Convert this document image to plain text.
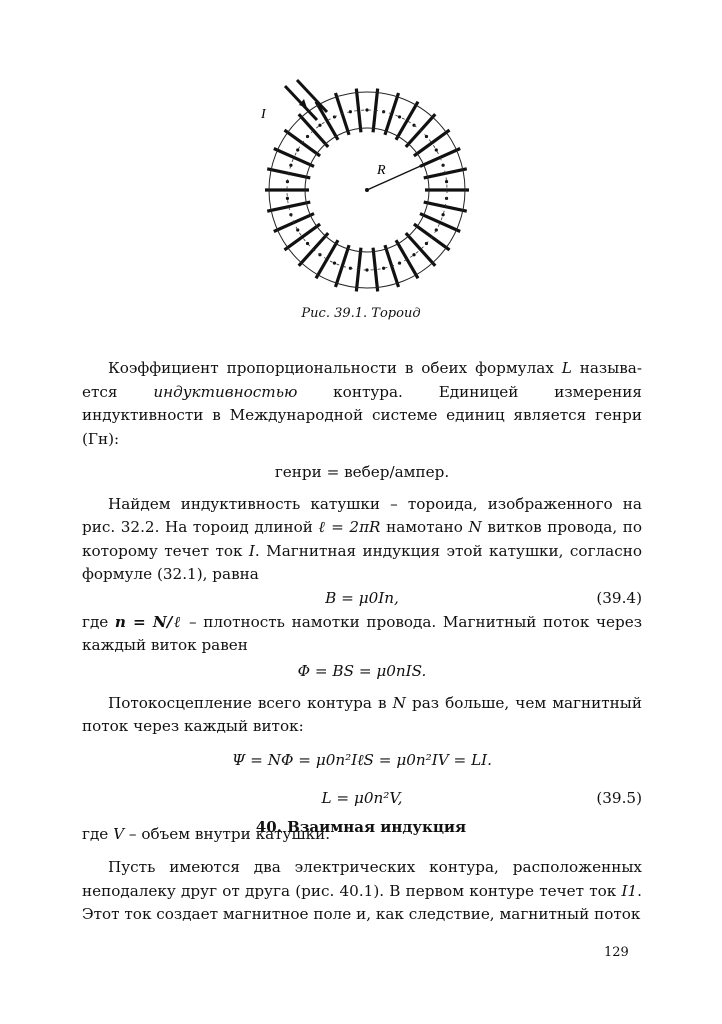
I
R
Рис. 39.1. Тороид

Коэффициент пропорциональности в обеих формулах L называ-ется индуктивностью контура. Единицей измерения индуктивности в Международной системе единиц является генри (Гн):

генри = вебер/ампер.

Найдем индуктивность катушки – тороида, изображенного на рис. 32.2. На тороид длиной ℓ = 2πR намотано N витков провода, по которому течет ток I. Магнитная индукция этой катушки, согласно формуле (32.1), равна

B = μ0In,	(39.4)

где n = N/ℓ – плотность намотки провода. Магнитный поток через каждый виток равен

Φ = BS = μ0nIS.

Потокосцепление всего контура в N раз больше, чем магнитный поток через каждый виток:

Ψ = NΦ = μ0n²IℓS = μ0n²IV = LI.
L = μ0n²V,	(39.5)

где V – объем внутри катушки.

40. Взаимная индукция

Пусть имеются два электрических контура, расположенных неподалеку друг от друга (рис. 40.1). В первом контуре течет ток I1. Этот ток создает магнитное поле и, как следствие, магнитный поток

129
